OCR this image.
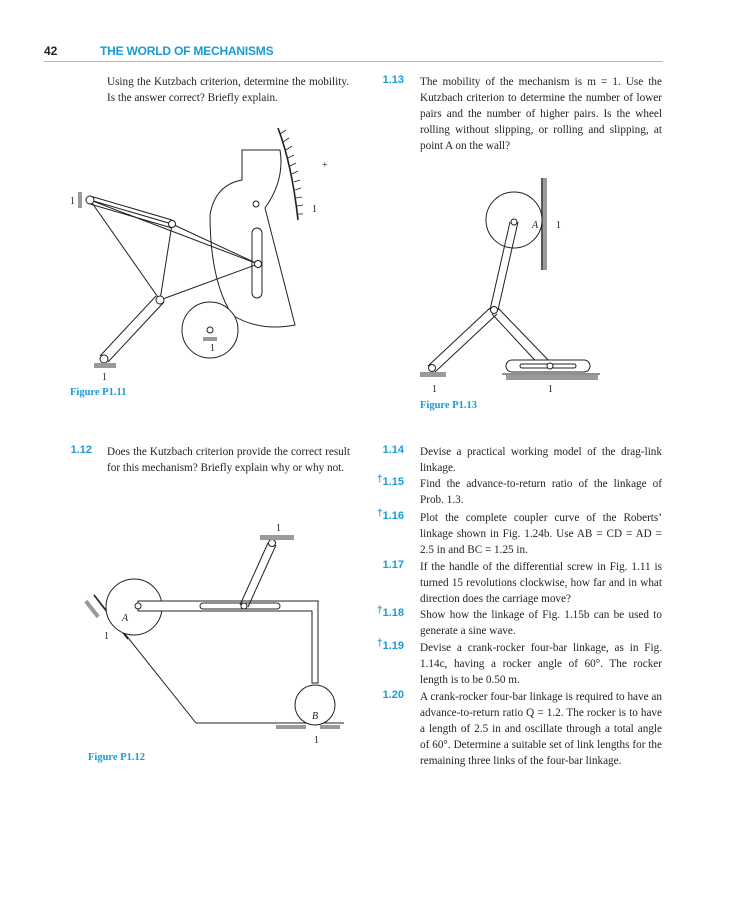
42	THE WORLD OF MECHANISMS
Using the Kutzbach criterion, determine the mobility. Is the answer correct? Briefly explain.
+
1
1
1
1
Figure P1.11
1.13 The mobility of the mechanism is m = 1. Use the Kutzbach criterion to determine the number of lower pairs and the number of higher pairs. Is the wheel rolling without slipping, or rolling and slipping, at point A on the wall?
A 1
1	1
Figure P1.13
1.12 Does the Kutzbach criterion provide the correct result for this mechanism? Briefly explain why or why not.
1
A
1
B
1
Figure P1.12
1.14 Devise a practical working model of the drag-link linkage.
†1.15 Find the advance-to-return ratio of the linkage of Prob. 1.3.
†1.16 Plot the complete coupler curve of the Roberts’ linkage shown in Fig. 1.24b. Use AB = CD = AD = 2.5 in and BC = 1.25 in.
1.17 If the handle of the differential screw in Fig. 1.11 is turned 15 revolutions clockwise, how far and in what direction does the carriage move?
†1.18 Show how the linkage of Fig. 1.15b can be used to generate a sine wave.
†1.19 Devise a crank-rocker four-bar linkage, as in Fig. 1.14c, having a rocker angle of 60°. The rocker length is to be 0.50 m.
1.20 A crank-rocker four-bar linkage is required to have an advance-to-return ratio Q = 1.2. The rocker is to have a length of 2.5 in and oscillate through a total angle of 60°. Determine a suitable set of link lengths for the remaining three links of the four-bar linkage.
